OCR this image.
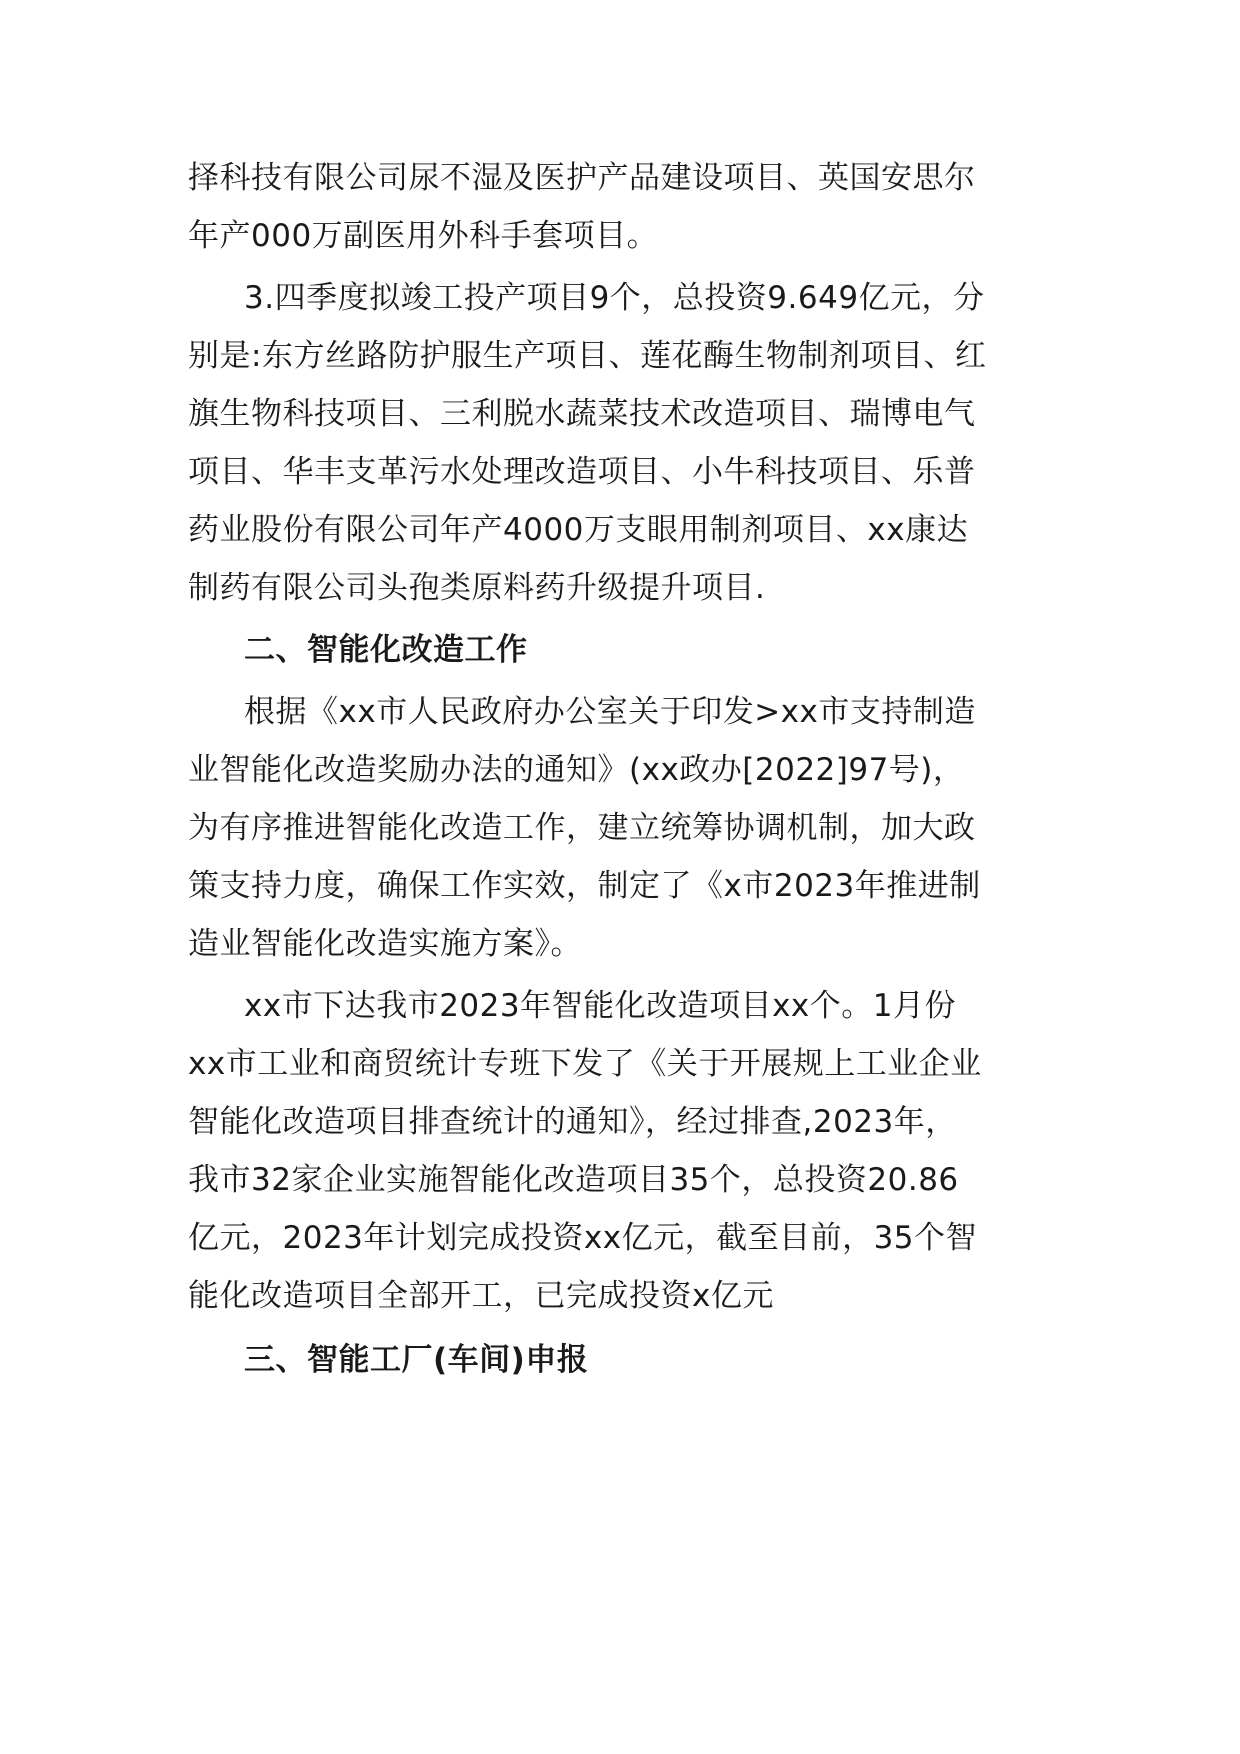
择科技有限公司尿不湿及医护产品建设项目、英国安思尔
年产000万副医用外科手套项目。
3.四季度拟竣工投产项目9个，总投资9.649亿元，分
别是:东方丝路防护服生产项目、莲花酶生物制剂项目、红
旗生物科技项目、三利脱水蔬菜技术改造项目、瑞博电气
项目、华丰支革污水处理改造项目、小牛科技项目、乐普
药业股份有限公司年产4000万支眼用制剂项目、xx康达
制药有限公司头孢类原料药升级提升项目.
二、智能化改造工作
根据《xx市人民政府办公室关于印发>xx市支持制造
业智能化改造奖励办法的通知》(xx政办[2022]97号)，
为有序推进智能化改造工作，建立统筹协调机制，加大政
策支持力度，确保工作实效，制定了《x市2023年推进制
造业智能化改造实施方案》。
xx市下达我市2023年智能化改造项目xx个。1月份
xx市工业和商贸统计专班下发了《关于开展规上工业企业
智能化改造项目排查统计的通知》，经过排查,2023年，
我市32家企业实施智能化改造项目35个，总投资20.86
亿元，2023年计划完成投资xx亿元，截至目前，35个智
能化改造项目全部开工，已完成投资x亿元
三、智能工厂(车间)申报
